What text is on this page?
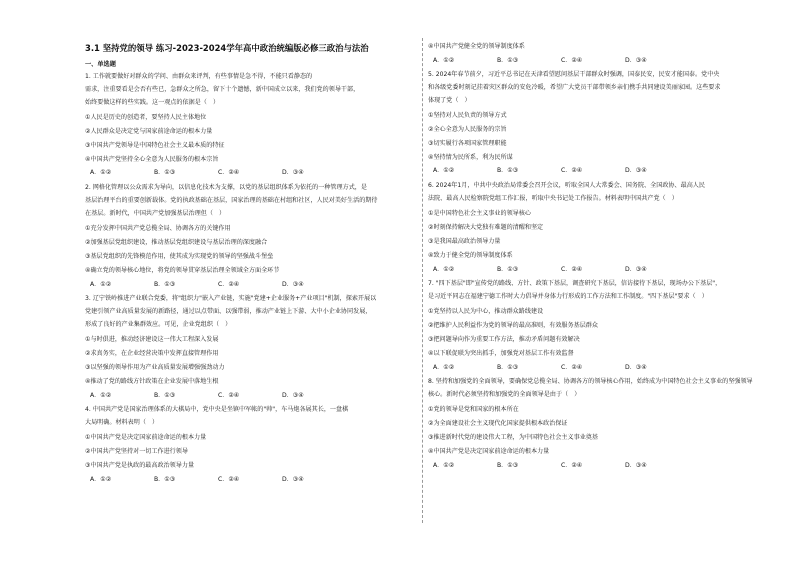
3.1 坚持党的领导 练习-2023-2024学年高中政治统编版必修三政治与法治
一、单选题
1. 工作就要做好对群众的学问、由群众来评判，有些事情是急不得，不能只看静态的
需求，注重要看是会否有些已，急群众之所急，留下十个遗憾，新中国成立以来，我们党的领导干部，
始终要做这样的些实践。这一观点的依据是（　）
①人民是历史的创造者，要坚持人民主体地位
②人民群众是决定党与国家前途命运的根本力量
③中国共产党领导是中国特色社会主义最本质的特征
④中国共产党坚持全心全意为人民服务的根本宗旨
2. 网格化管理以公众需求为导向，以信息化技术为支撑，以党的基层组织体系为依托的一种管理方式，是
基层治理平台的重要创新载体。党的执政基础在基层，国家治理的基础在村组和社区，人民对美好生活的期待
在基层。新时代，中国共产党加强基层治理但（　）
①充分发挥中国共产党总揽全局、协调各方的关键作用
②加强基层党组织建设，推动基层党组织建设与基层治理的深度融合
③基层党组织的先锋模范作用，使其成为实现党的领导的坚强战斗堡垒
④确立党的领导核心地位，将党的领导贯穿基层治理全领域全方面全环节
3. 辽宁铁岭推进产业联合党委，将"组织力"嵌入产业链，实施"党建+企业服务+产业项目"机制，探索开展以
党建引领产业高质量发展的新路径，通过以点带面、以强带弱，推动产业链上下游、大中小企业协同发展，
形成了良好的产业集群效应。可见，企业党组织（　）
①与时俱进，推动经济建设这一伟大工程深入发展
②求真务实，在企业经营决策中发挥直接管理作用
③以坚强的领导作用为产业高质量发展增强强劲动力
④推动了党的路线方针政策在企业发展中落地生根
4. 中国共产党是国家治理体系的大棋局中，党中央是坐镇中军帐的"帅"，车马炮各展其长，一盘棋
大局明确。材料表明（　）
①中国共产党是决定国家前途命运的根本力量
②中国共产党坚持对一切工作进行领导
③中国共产党是执政的最高政治领导力量
A．①②	B．①③	C．②④	D．③④
A．①②	B．①③	C．②④	D．③④
A．①②	B．①③	C．②④	D．③④
A．①②	B．①③	C．②④	D．③④
④中国共产党健全党的领导制度体系
5. 2024年春节前夕，习近平总书记在天津看望慰问基层干部群众时强调，国泰民安，民安才能国泰。党中央
和各级党委时刻记挂着灾区群众的安危冷暖，希望广大党员干部带领乡亲们携手共同建设美丽家园。这些要求
体现了党（　）
①坚持对人民负责的领导方式
②全心全意为人民服务的宗旨
③切实履行各项国家管理职能
④坚持情为民所系，利为民所谋
6. 2024年1月，中共中央政治局常委会召开会议，听取全国人大常委会、国务院、全国政协、最高人民
法院、最高人民检察院党组工作汇报，听取中央书记处工作报告。材料表明中国共产党（　）
①是中国特色社会主义事业的领导核心
②时刻保持解决大党独有难题的清醒和坚定
③是我国最高政治领导力量
④致力于健全党的领导制度体系
7. "四下基层"即"宣传党的路线、方针、政策下基层，调查研究下基层，信访接待下基层，现场办公下基层"，
是习近平同志在福建宁德工作时大力倡导并身体力行形成的工作方法和工作制度。"四下基层"要求（　）
①党坚持以人民为中心，推动群众路线建设
②把维护人民利益作为党的领导的最高准则，有效服务基层群众
③把问题导向作为重要工作方法，推动矛盾问题有效解决
④以下联促联为突出抓手，加强党对基层工作有效监督
8. 坚持和加强党的全面领导，要确保党总揽全局、协调各方的领导核心作用，始终成为中国特色社会主义事业的坚强领导
核心。新时代必须坚持和加强党的全面领导是由于（　）
①党的领导是党和国家的根本所在
②为全面建设社会主义现代化国家提供根本政治保证
③推进新时代党的建设伟大工程，为中国特色社会主义事业奠基
④中国共产党是决定国家前途命运的根本力量
A．①②	B．①③	C．②④	D．③④
A．①②	B．①③	C．②④	D．③④
A．①②	B．①③	C．②④	D．③④
A．①②	B．①③	C．②④	D．③④
A．①②	B．①③	C．②④	D．③④
